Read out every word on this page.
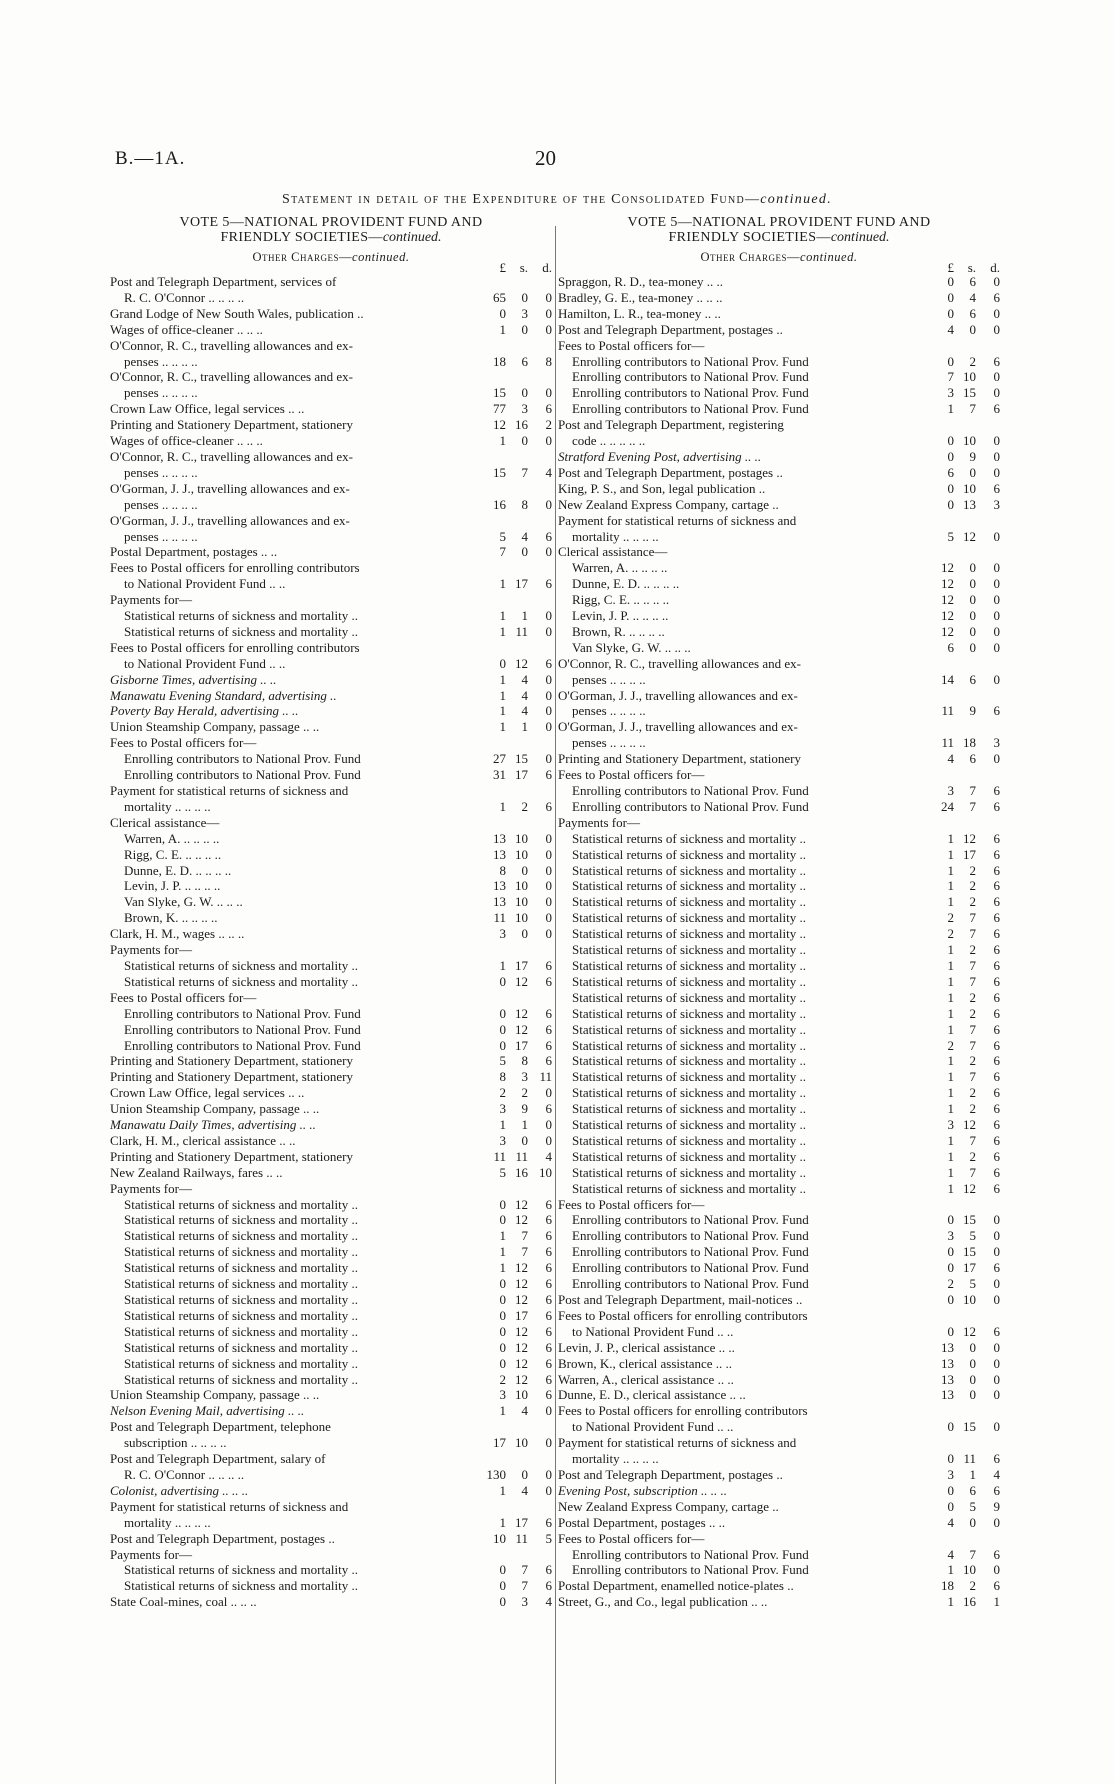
B.—1A.	20
Statement in detail of the Expenditure of the Consolidated Fund—continued.
VOTE 5—NATIONAL PROVIDENT FUND AND
FRIENDLY SOCIETIES—continued.
Other Charges—continued.
£	s.	d.
Post and Telegraph Department, services of
R. C. O'Connor .. .. .. ..	65	0	0
Grand Lodge of New South Wales, publication ..	0	3	0
Wages of office-cleaner .. .. ..	1	0	0
O'Connor, R. C., travelling allowances and ex-
penses .. .. .. ..	18	6	8
O'Connor, R. C., travelling allowances and ex-
penses .. .. .. ..	15	0	0
Crown Law Office, legal services .. ..	77	3	6
Printing and Stationery Department, stationery	12 16	2
Wages of office-cleaner .. .. ..	1	0	0
O'Connor, R. C., travelling allowances and ex-
penses .. .. .. ..	15	7	4
O'Gorman, J. J., travelling allowances and ex-
penses .. .. .. ..	16	8	0
O'Gorman, J. J., travelling allowances and ex-
penses .. .. .. ..	5	4	6
Postal Department, postages .. ..	7	0	0
Fees to Postal officers for enrolling contributors
to National Provident Fund .. ..	1 17	6
Payments for—
Statistical returns of sickness and mortality ..	1	1	0
Statistical returns of sickness and mortality ..	1 11	0
Fees to Postal officers for enrolling contributors
to National Provident Fund .. ..	0 12	6
Gisborne Times, advertising .. ..	1	4	0
Manawatu Evening Standard, advertising ..	1	4	0
Poverty Bay Herald, advertising .. ..	1	4	0
Union Steamship Company, passage .. ..	1	1	0
Fees to Postal officers for—
Enrolling contributors to National Prov. Fund	27 15	0
Enrolling contributors to National Prov. Fund	31 17	6
Payment for statistical returns of sickness and
mortality .. .. .. ..	1	2	6
Clerical assistance—
Warren, A. .. .. .. ..	13 10	0
Rigg, C. E. .. .. .. ..	13 10	0
Dunne, E. D. .. .. .. ..	8	0	0
Levin, J. P. .. .. .. ..	13 10	0
Van Slyke, G. W. .. .. ..	13 10	0
Brown, K. .. .. .. ..	11 10	0
Clark, H. M., wages .. .. ..	3	0	0
Payments for—
Statistical returns of sickness and mortality ..	1 17	6
Statistical returns of sickness and mortality ..	0 12	6
Fees to Postal officers for—
Enrolling contributors to National Prov. Fund	0 12	6
Enrolling contributors to National Prov. Fund	0 12	6
Enrolling contributors to National Prov. Fund	0 17	6
Printing and Stationery Department, stationery	5	8	6
Printing and Stationery Department, stationery	8	3 11
Crown Law Office, legal services .. ..	2	2	0
Union Steamship Company, passage .. ..	3	9	6
Manawatu Daily Times, advertising .. ..	1	1	0
Clark, H. M., clerical assistance .. ..	3	0	0
Printing and Stationery Department, stationery	11 11	4
New Zealand Railways, fares .. ..	5 16 10
Payments for—
Statistical returns of sickness and mortality ..	0 12	6
Statistical returns of sickness and mortality ..	0 12	6
Statistical returns of sickness and mortality ..	1	7	6
Statistical returns of sickness and mortality ..	1	7	6
Statistical returns of sickness and mortality ..	1 12	6
Statistical returns of sickness and mortality ..	0 12	6
Statistical returns of sickness and mortality ..	0 12	6
Statistical returns of sickness and mortality ..	0 17	6
Statistical returns of sickness and mortality ..	0 12	6
Statistical returns of sickness and mortality ..	0 12	6
Statistical returns of sickness and mortality ..	0 12	6
Statistical returns of sickness and mortality ..	2 12	6
Union Steamship Company, passage .. ..	3 10	6
Nelson Evening Mail, advertising .. ..	1	4	0
Post and Telegraph Department, telephone
subscription .. .. .. ..	17 10	0
Post and Telegraph Department, salary of
R. C. O'Connor .. .. .. ..	130	0	0
Colonist, advertising .. .. ..	1	4	0
Payment for statistical returns of sickness and
mortality .. .. .. ..	1 17	6
Post and Telegraph Department, postages ..	10 11	5
Payments for—
Statistical returns of sickness and mortality ..	0	7	6
Statistical returns of sickness and mortality ..	0	7	6
State Coal-mines, coal .. .. ..	0	3	4
VOTE 5—NATIONAL PROVIDENT FUND AND
FRIENDLY SOCIETIES—continued.
Other Charges—continued.
£	s.	d.
Spraggon, R. D., tea-money .. ..	0	6	0
Bradley, G. E., tea-money .. .. ..	0	4	6
Hamilton, L. R., tea-money .. ..	0	6	0
Post and Telegraph Department, postages ..	4	0	0
Fees to Postal officers for—
Enrolling contributors to National Prov. Fund	0	2	6
Enrolling contributors to National Prov. Fund	7 10	0
Enrolling contributors to National Prov. Fund	3 15	0
Enrolling contributors to National Prov. Fund	1	7	6
Post and Telegraph Department, registering
code .. .. .. .. ..	0 10	0
Stratford Evening Post, advertising .. ..	0	9	0
Post and Telegraph Department, postages ..	6	0	0
King, P. S., and Son, legal publication ..	0 10	6
New Zealand Express Company, cartage ..	0 13	3
Payment for statistical returns of sickness and
mortality .. .. .. ..	5 12	0
Clerical assistance—
Warren, A. .. .. .. ..	12	0	0
Dunne, E. D. .. .. .. ..	12	0	0
Rigg, C. E. .. .. .. ..	12	0	0
Levin, J. P. .. .. .. ..	12	0	0
Brown, R. .. .. .. ..	12	0	0
Van Slyke, G. W. .. .. ..	6	0	0
O'Connor, R. C., travelling allowances and ex-
penses .. .. .. ..	14	6	0
O'Gorman, J. J., travelling allowances and ex-
penses .. .. .. ..	11	9	6
O'Gorman, J. J., travelling allowances and ex-
penses .. .. .. ..	11 18	3
Printing and Stationery Department, stationery	4	6	0
Fees to Postal officers for—
Enrolling contributors to National Prov. Fund	3	7	6
Enrolling contributors to National Prov. Fund	24	7	6
Payments for—
Statistical returns of sickness and mortality ..	1 12	6
Statistical returns of sickness and mortality ..	1 17	6
Statistical returns of sickness and mortality ..	1	2	6
Statistical returns of sickness and mortality ..	1	2	6
Statistical returns of sickness and mortality ..	1	2	6
Statistical returns of sickness and mortality ..	2	7	6
Statistical returns of sickness and mortality ..	2	7	6
Statistical returns of sickness and mortality ..	1	2	6
Statistical returns of sickness and mortality ..	1	7	6
Statistical returns of sickness and mortality ..	1	7	6
Statistical returns of sickness and mortality ..	1	2	6
Statistical returns of sickness and mortality ..	1	2	6
Statistical returns of sickness and mortality ..	1	7	6
Statistical returns of sickness and mortality ..	2	7	6
Statistical returns of sickness and mortality ..	1	2	6
Statistical returns of sickness and mortality ..	1	7	6
Statistical returns of sickness and mortality ..	1	2	6
Statistical returns of sickness and mortality ..	1	2	6
Statistical returns of sickness and mortality ..	3 12	6
Statistical returns of sickness and mortality ..	1	7	6
Statistical returns of sickness and mortality ..	1	2	6
Statistical returns of sickness and mortality ..	1	7	6
Statistical returns of sickness and mortality ..	1 12	6
Fees to Postal officers for—
Enrolling contributors to National Prov. Fund	0 15	0
Enrolling contributors to National Prov. Fund	3	5	0
Enrolling contributors to National Prov. Fund	0 15	0
Enrolling contributors to National Prov. Fund	0 17	6
Enrolling contributors to National Prov. Fund	2	5	0
Post and Telegraph Department, mail-notices ..	0 10	0
Fees to Postal officers for enrolling contributors
to National Provident Fund .. ..	0 12	6
Levin, J. P., clerical assistance .. ..	13	0	0
Brown, K., clerical assistance .. ..	13	0	0
Warren, A., clerical assistance .. ..	13	0	0
Dunne, E. D., clerical assistance .. ..	13	0	0
Fees to Postal officers for enrolling contributors
to National Provident Fund .. ..	0 15	0
Payment for statistical returns of sickness and
mortality .. .. .. ..	0 11	6
Post and Telegraph Department, postages ..	3	1	4
Evening Post, subscription .. .. ..	0	6	6
New Zealand Express Company, cartage ..	0	5	9
Postal Department, postages .. ..	4	0	0
Fees to Postal officers for—
Enrolling contributors to National Prov. Fund	4	7	6
Enrolling contributors to National Prov. Fund	1 10	0
Postal Department, enamelled notice-plates ..	18	2	6
Street, G., and Co., legal publication .. ..	1 16	1
